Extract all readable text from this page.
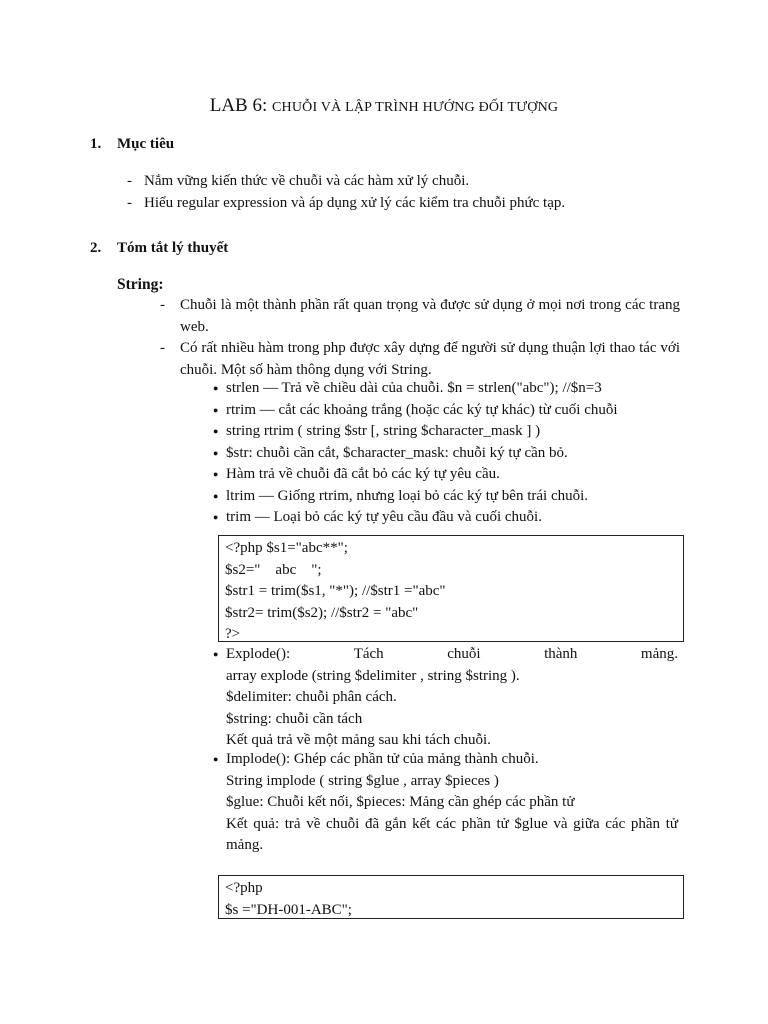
LAB 6: CHUỖI VÀ LẬP TRÌNH HƯỚNG ĐỐI TƯỢNG
1. Mục tiêu
- Nắm vững kiến thức về chuỗi và các hàm xử lý chuỗi.
- Hiểu regular expression và áp dụng xử lý các kiểm tra chuỗi phức tạp.
2. Tóm tắt lý thuyết
String:
- Chuỗi là một thành phần rất quan trọng và được sử dụng ở mọi nơi trong các trang web.
- Có rất nhiều hàm trong php được xây dựng để người sử dụng thuận lợi thao tác với chuỗi. Một số hàm thông dụng với String.
● strlen — Trả về chiều dài của chuỗi. $n = strlen("abc"); //$n=3
● rtrim — cắt các khoảng trắng (hoặc các ký tự khác) từ cuối chuỗi
● string rtrim ( string $str [, string $character_mask ] )
● $str: chuỗi cần cắt, $character_mask: chuỗi ký tự cần bỏ.
● Hàm trả về chuỗi đã cắt bỏ các ký tự yêu cầu.
● ltrim — Giống rtrim, nhưng loại bỏ các ký tự bên trái chuỗi.
● trim — Loại bỏ các ký tự yêu cầu đầu và cuối chuỗi.
<?php $s1="abc**";
$s2="    abc    ";
$str1 = trim($s1, "*"); //$str1 ="abc"
$str2= trim($s2); //$str2 = "abc"
?>
● Explode():	Tách	chuỗi	thành	mảng.
array explode (string $delimiter , string $string ).
$delimiter: chuỗi phân cách.
$string: chuỗi cần tách
Kết quả trả về một mảng sau khi tách chuỗi.
● Implode(): Ghép các phần tử của mảng thành chuỗi.
String implode ( string $glue , array $pieces )
$glue: Chuỗi kết nối, $pieces: Mảng cần ghép các phần tử
Kết quả: trả về chuỗi đã gắn kết các phần tử $glue và giữa các phần tử mảng.
<?php
$s ="DH-001-ABC";
